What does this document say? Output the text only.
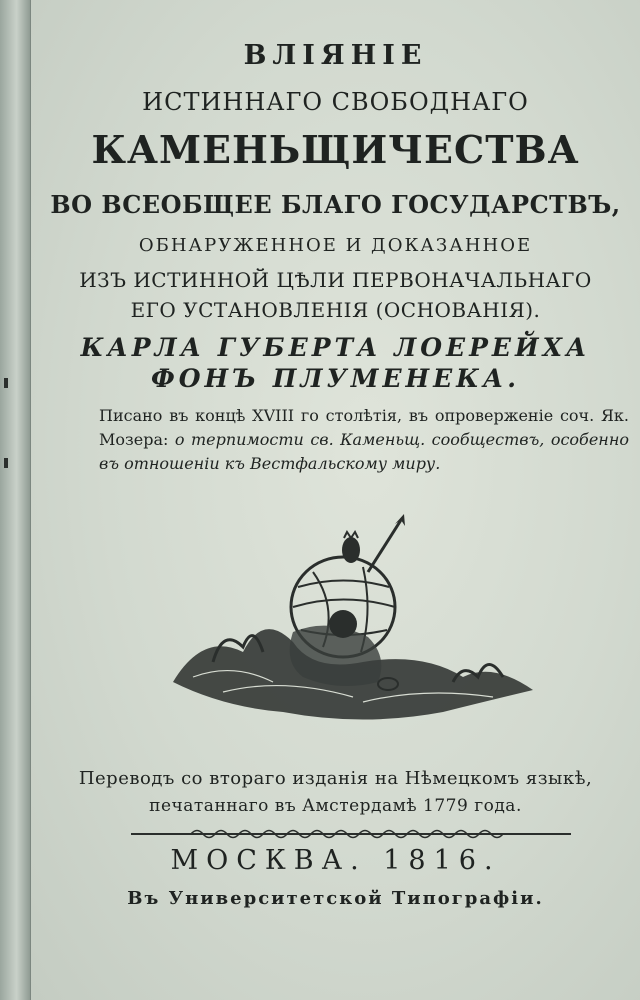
ВЛІЯНІЕ
ИСТИННАГО СВОБОДНАГО
КАМЕНЬЩИЧЕСТВА
ВО ВСЕОБЩЕЕ БЛАГО ГОСУДАРСТВЪ,
ОБНАРУЖЕННОЕ И ДОКАЗАННОЕ
ИЗЪ ИСТИННОЙ ЦѢЛИ ПЕРВОНАЧАЛЬНАГО
ЕГО УСТАНОВЛЕНІЯ (ОСНОВАНІЯ).
КАРЛА ГУБЕРТА ЛОЕРЕЙХА
ФОНЪ ПЛУМЕНЕКА.
Писано въ концѣ XVIII го столѣтія, въ опроверженіе соч. Як. Мозера: о терпимости св. Каменьщ. сообществъ, особенно въ отношеніи къ Вестфальскому миру.
Переводъ со втораго изданія на Нѣмецкомъ языкѣ,
печатаннаго въ Амстердамѣ 1779 года.
МОСКВА. 1816.
Въ Университетской Типографіи.
